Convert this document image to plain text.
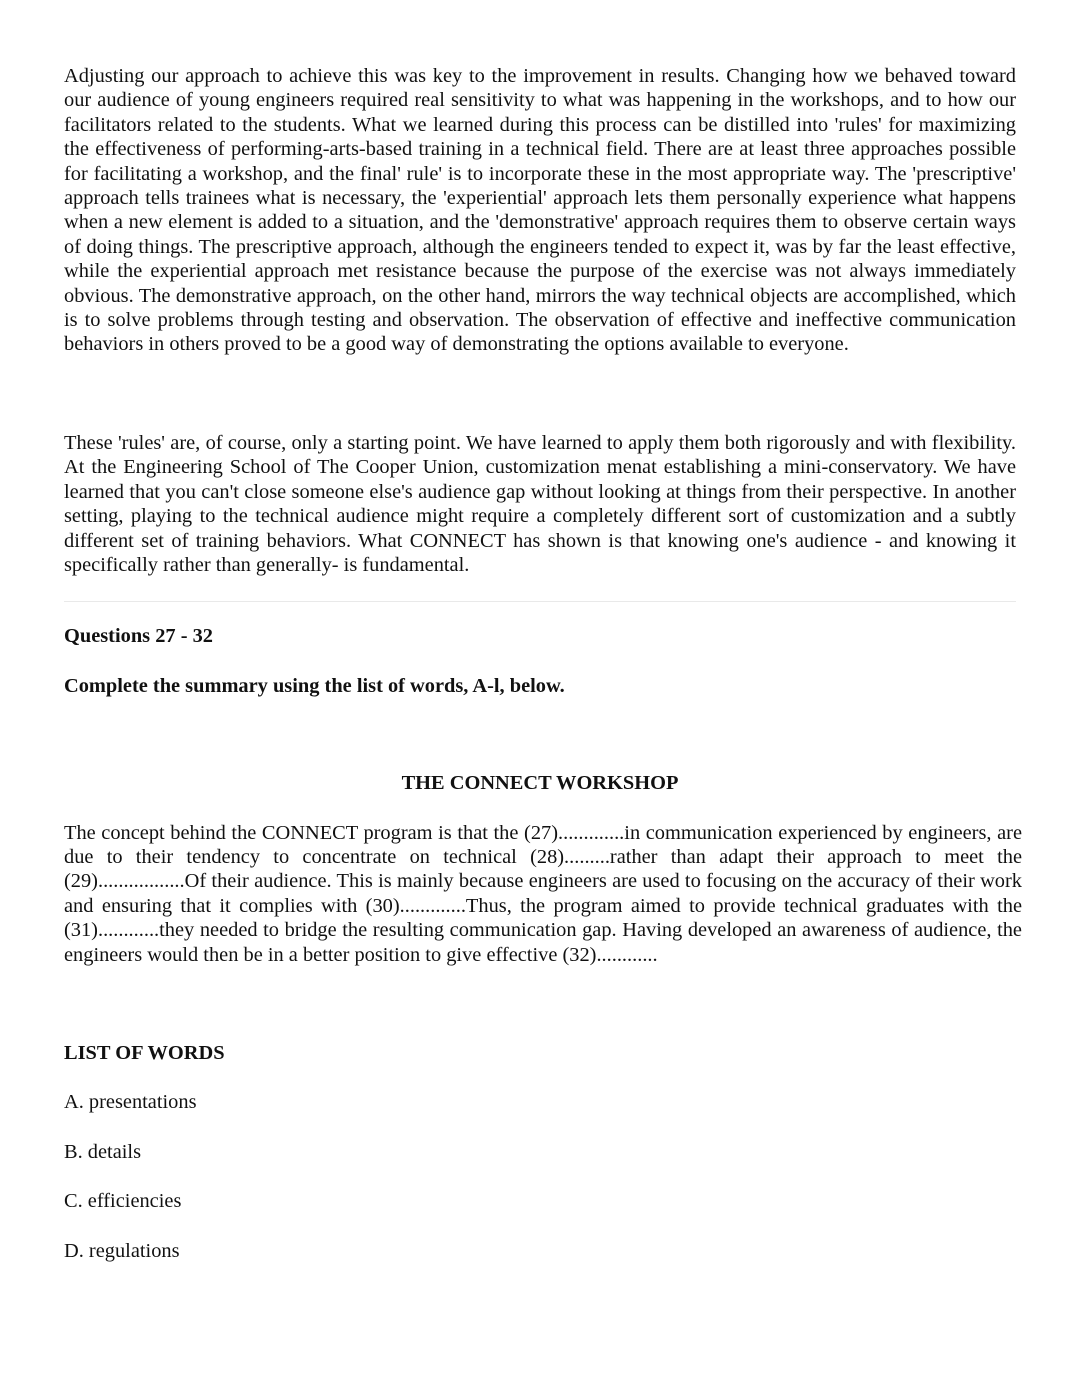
Adjusting our approach to achieve this was key to the improvement in results. Changing how we behaved toward our audience of young engineers required real sensitivity to what was happening in the workshops, and to how our facilitators related to the students. What we learned during this process can be distilled into 'rules' for maximizing the effectiveness of performing-arts-based training in a technical field. There are at least three approaches possible for facilitating a workshop, and the final' rule' is to incorporate these in the most appropriate way. The 'prescriptive' approach tells trainees what is necessary, the 'experiential' approach lets them personally experience what happens when a new element is added to a situation, and the 'demonstrative' approach requires them to observe certain ways of doing things. The prescriptive approach, although the engineers tended to expect it, was by far the least effective, while the experiential approach met resistance because the purpose of the exercise was not always immediately obvious. The demonstrative approach, on the other hand, mirrors the way technical objects are accomplished, which is to solve problems through testing and observation. The observation of effective and ineffective communication behaviors in others proved to be a good way of demonstrating the options available to everyone.

These 'rules' are, of course, only a starting point. We have learned to apply them both rigorously and with flexibility. At the Engineering School of The Cooper Union, customization menat establishing a mini-conservatory. We have learned that you can't close someone else's audience gap without looking at things from their perspective. In another setting, playing to the technical audience might require a completely different sort of customization and a subtly different set of training behaviors. What CONNECT has shown is that knowing one's audience - and knowing it specifically rather than generally- is fundamental.

Questions 27 - 32

Complete the summary using the list of words, A-l, below.

THE CONNECT WORKSHOP

The concept behind the CONNECT program is that the (27).............in communication experienced by engineers, are due to their tendency to concentrate on technical (28).........rather than adapt their approach to meet the (29).................Of their audience. This is mainly because engineers are used to focusing on the accuracy of their work and ensuring that it complies with (30).............Thus, the program aimed to provide technical graduates with the (31)............they needed to bridge the resulting communication gap. Having developed an awareness of audience, the engineers would then be in a better position to give effective (32)............

LIST OF WORDS

A. presentations

B. details

C. efficiencies

D. regulations
